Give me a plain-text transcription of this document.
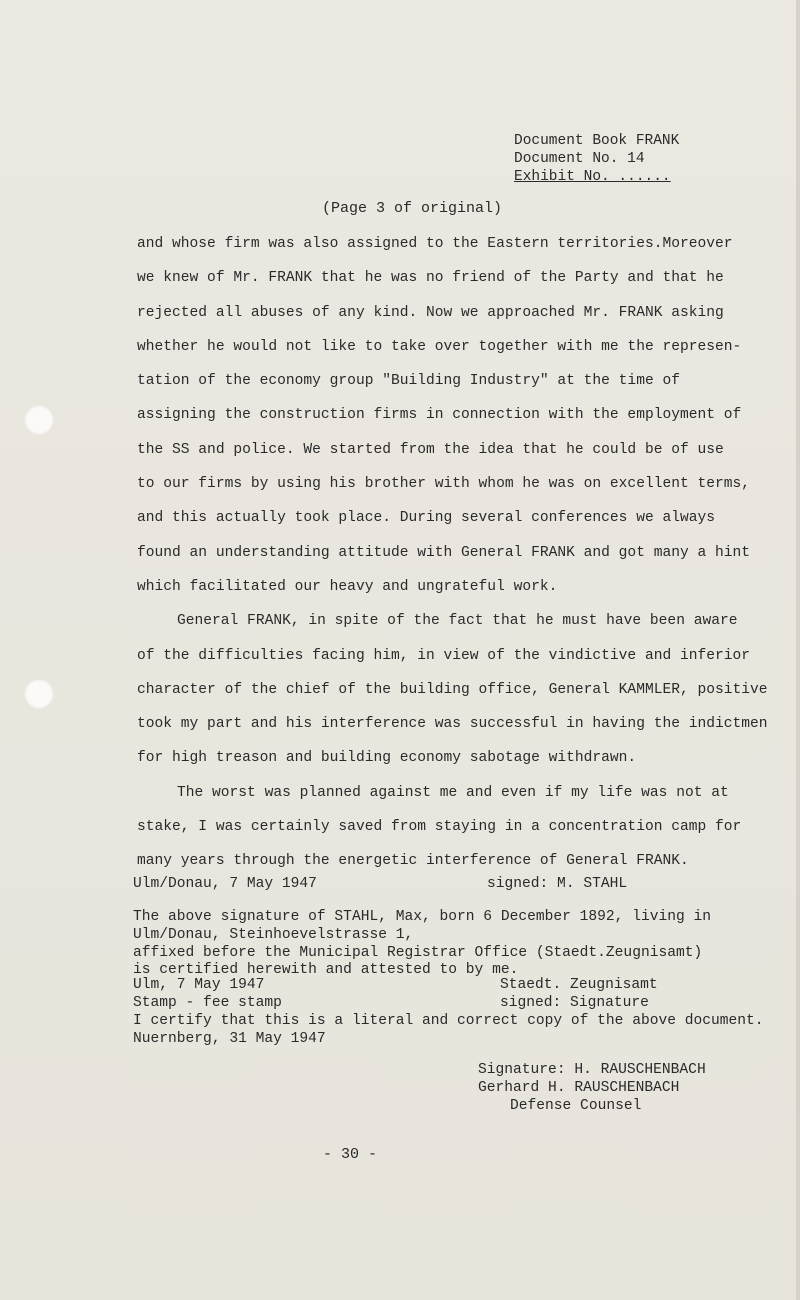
Document Book FRANK
Document No. 14
Exhibit No. ......
(Page 3 of original)
and whose firm was also assigned to the Eastern territories.Moreover
we knew of Mr. FRANK that he was no friend of the Party and that he
rejected all abuses of any kind. Now we approached Mr. FRANK asking
whether he would not like to take over together with me the represen-
tation of the economy group "Building Industry" at the time of
assigning the construction firms in connection with the employment of
the SS and police. We started from the idea that he could be of use
to our firms by using his brother with whom he was on excellent terms,
and this actually took place. During several conferences we always
found an understanding attitude with General FRANK and got many a hint
which facilitated our heavy and ungrateful work.
General FRANK, in spite of the fact that he must have been aware
of the difficulties facing him, in view of the vindictive and inferior
character of the chief of the building office, General KAMMLER, positive
took my part and his interference was successful in having the indictmen
for high treason and building economy sabotage withdrawn.
The worst was planned against me and even if my life was not at
stake, I was certainly saved from staying in a concentration camp for
many years through the energetic interference of General FRANK.
Ulm/Donau, 7 May 1947	signed: M. STAHL
The above signature of STAHL, Max, born 6 December 1892, living in
Ulm/Donau, Steinhoevelstrasse 1,
affixed before the Municipal Registrar Office (Staedt.Zeugnisamt)
is certified herewith and attested to by me.
Ulm, 7 May 1947
Stamp - fee stamp
Staedt. Zeugnisamt
signed: Signature
I certify that this is a literal and correct copy of the above document.
Nuernberg, 31 May 1947
Signature: H. RAUSCHENBACH
Gerhard H. RAUSCHENBACH
Defense Counsel
- 30 -
